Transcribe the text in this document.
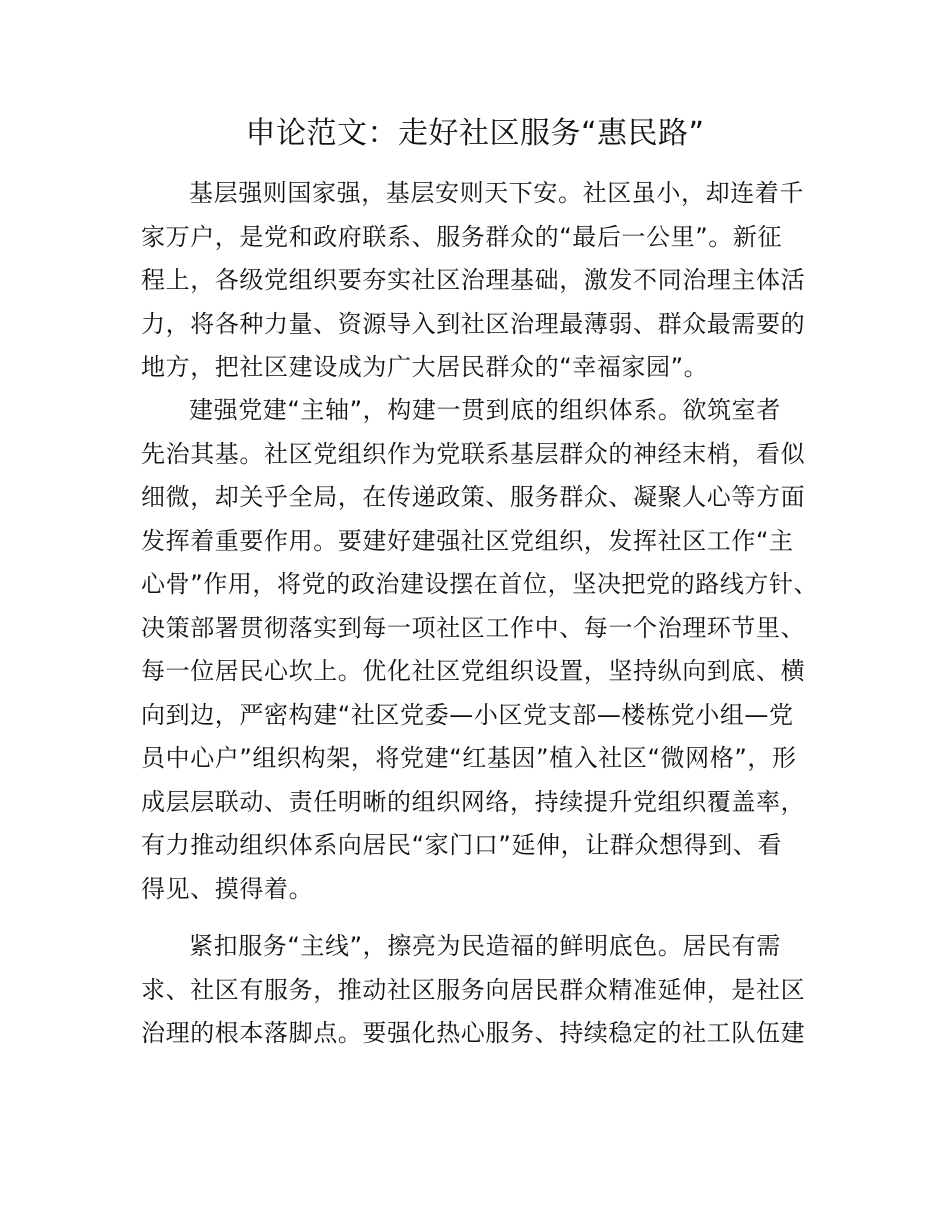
申论范文：走好社区服务“惠民路”
基层强则国家强，基层安则天下安。社区虽小，却连着千
家万户，是党和政府联系、服务群众的“最后一公里”。新征
程上，各级党组织要夯实社区治理基础，激发不同治理主体活
力，将各种力量、资源导入到社区治理最薄弱、群众最需要的
地方，把社区建设成为广大居民群众的“幸福家园”。
建强党建“主轴”，构建一贯到底的组织体系。欲筑室者
先治其基。社区党组织作为党联系基层群众的神经末梢，看似
细微，却关乎全局，在传递政策、服务群众、凝聚人心等方面
发挥着重要作用。要建好建强社区党组织，发挥社区工作“主
心骨”作用，将党的政治建设摆在首位，坚决把党的路线方针、
决策部署贯彻落实到每一项社区工作中、每一个治理环节里、
每一位居民心坎上。优化社区党组织设置，坚持纵向到底、横
向到边，严密构建“社区党委—小区党支部—楼栋党小组—党
员中心户”组织构架，将党建“红基因”植入社区“微网格”，形
成层层联动、责任明晰的组织网络，持续提升党组织覆盖率，
有力推动组织体系向居民“家门口”延伸，让群众想得到、看
得见、摸得着。
紧扣服务“主线”，擦亮为民造福的鲜明底色。居民有需
求、社区有服务，推动社区服务向居民群众精准延伸，是社区
治理的根本落脚点。要强化热心服务、持续稳定的社工队伍建
